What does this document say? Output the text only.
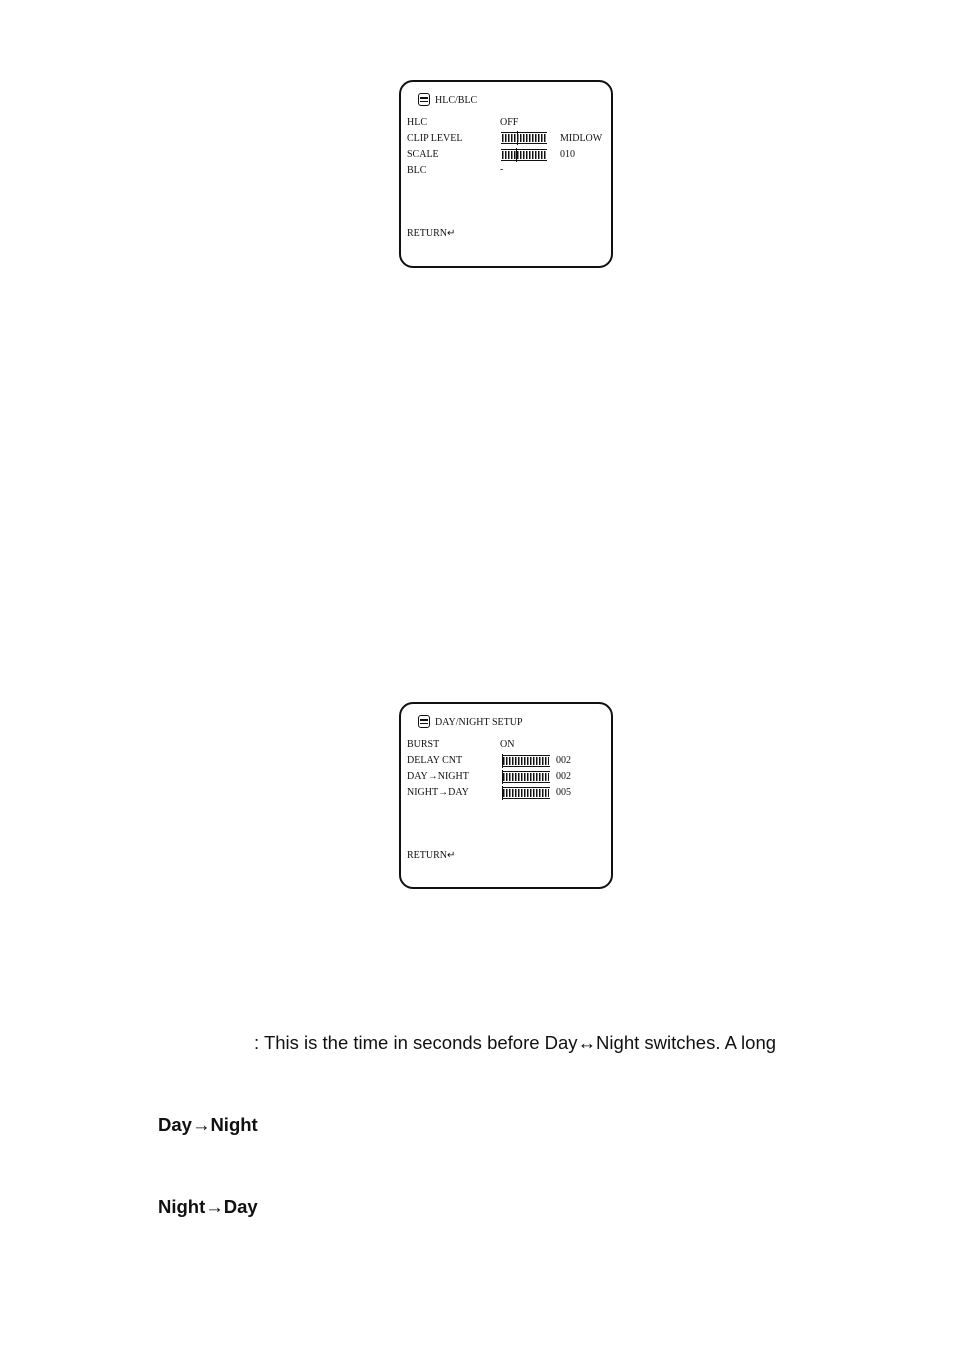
HLC/BLC
HLC	OFF
CLIP LEVEL	MIDLOW
SCALE	010
BLC	-
RETURN↵
DAY/NIGHT SETUP
BURST	ON
DELAY CNT	002
DAY→NIGHT	002
NIGHT→DAY	005
RETURN↵
: This is the time in seconds before Day↔Night switches. A long
Day→Night
Night→Day
